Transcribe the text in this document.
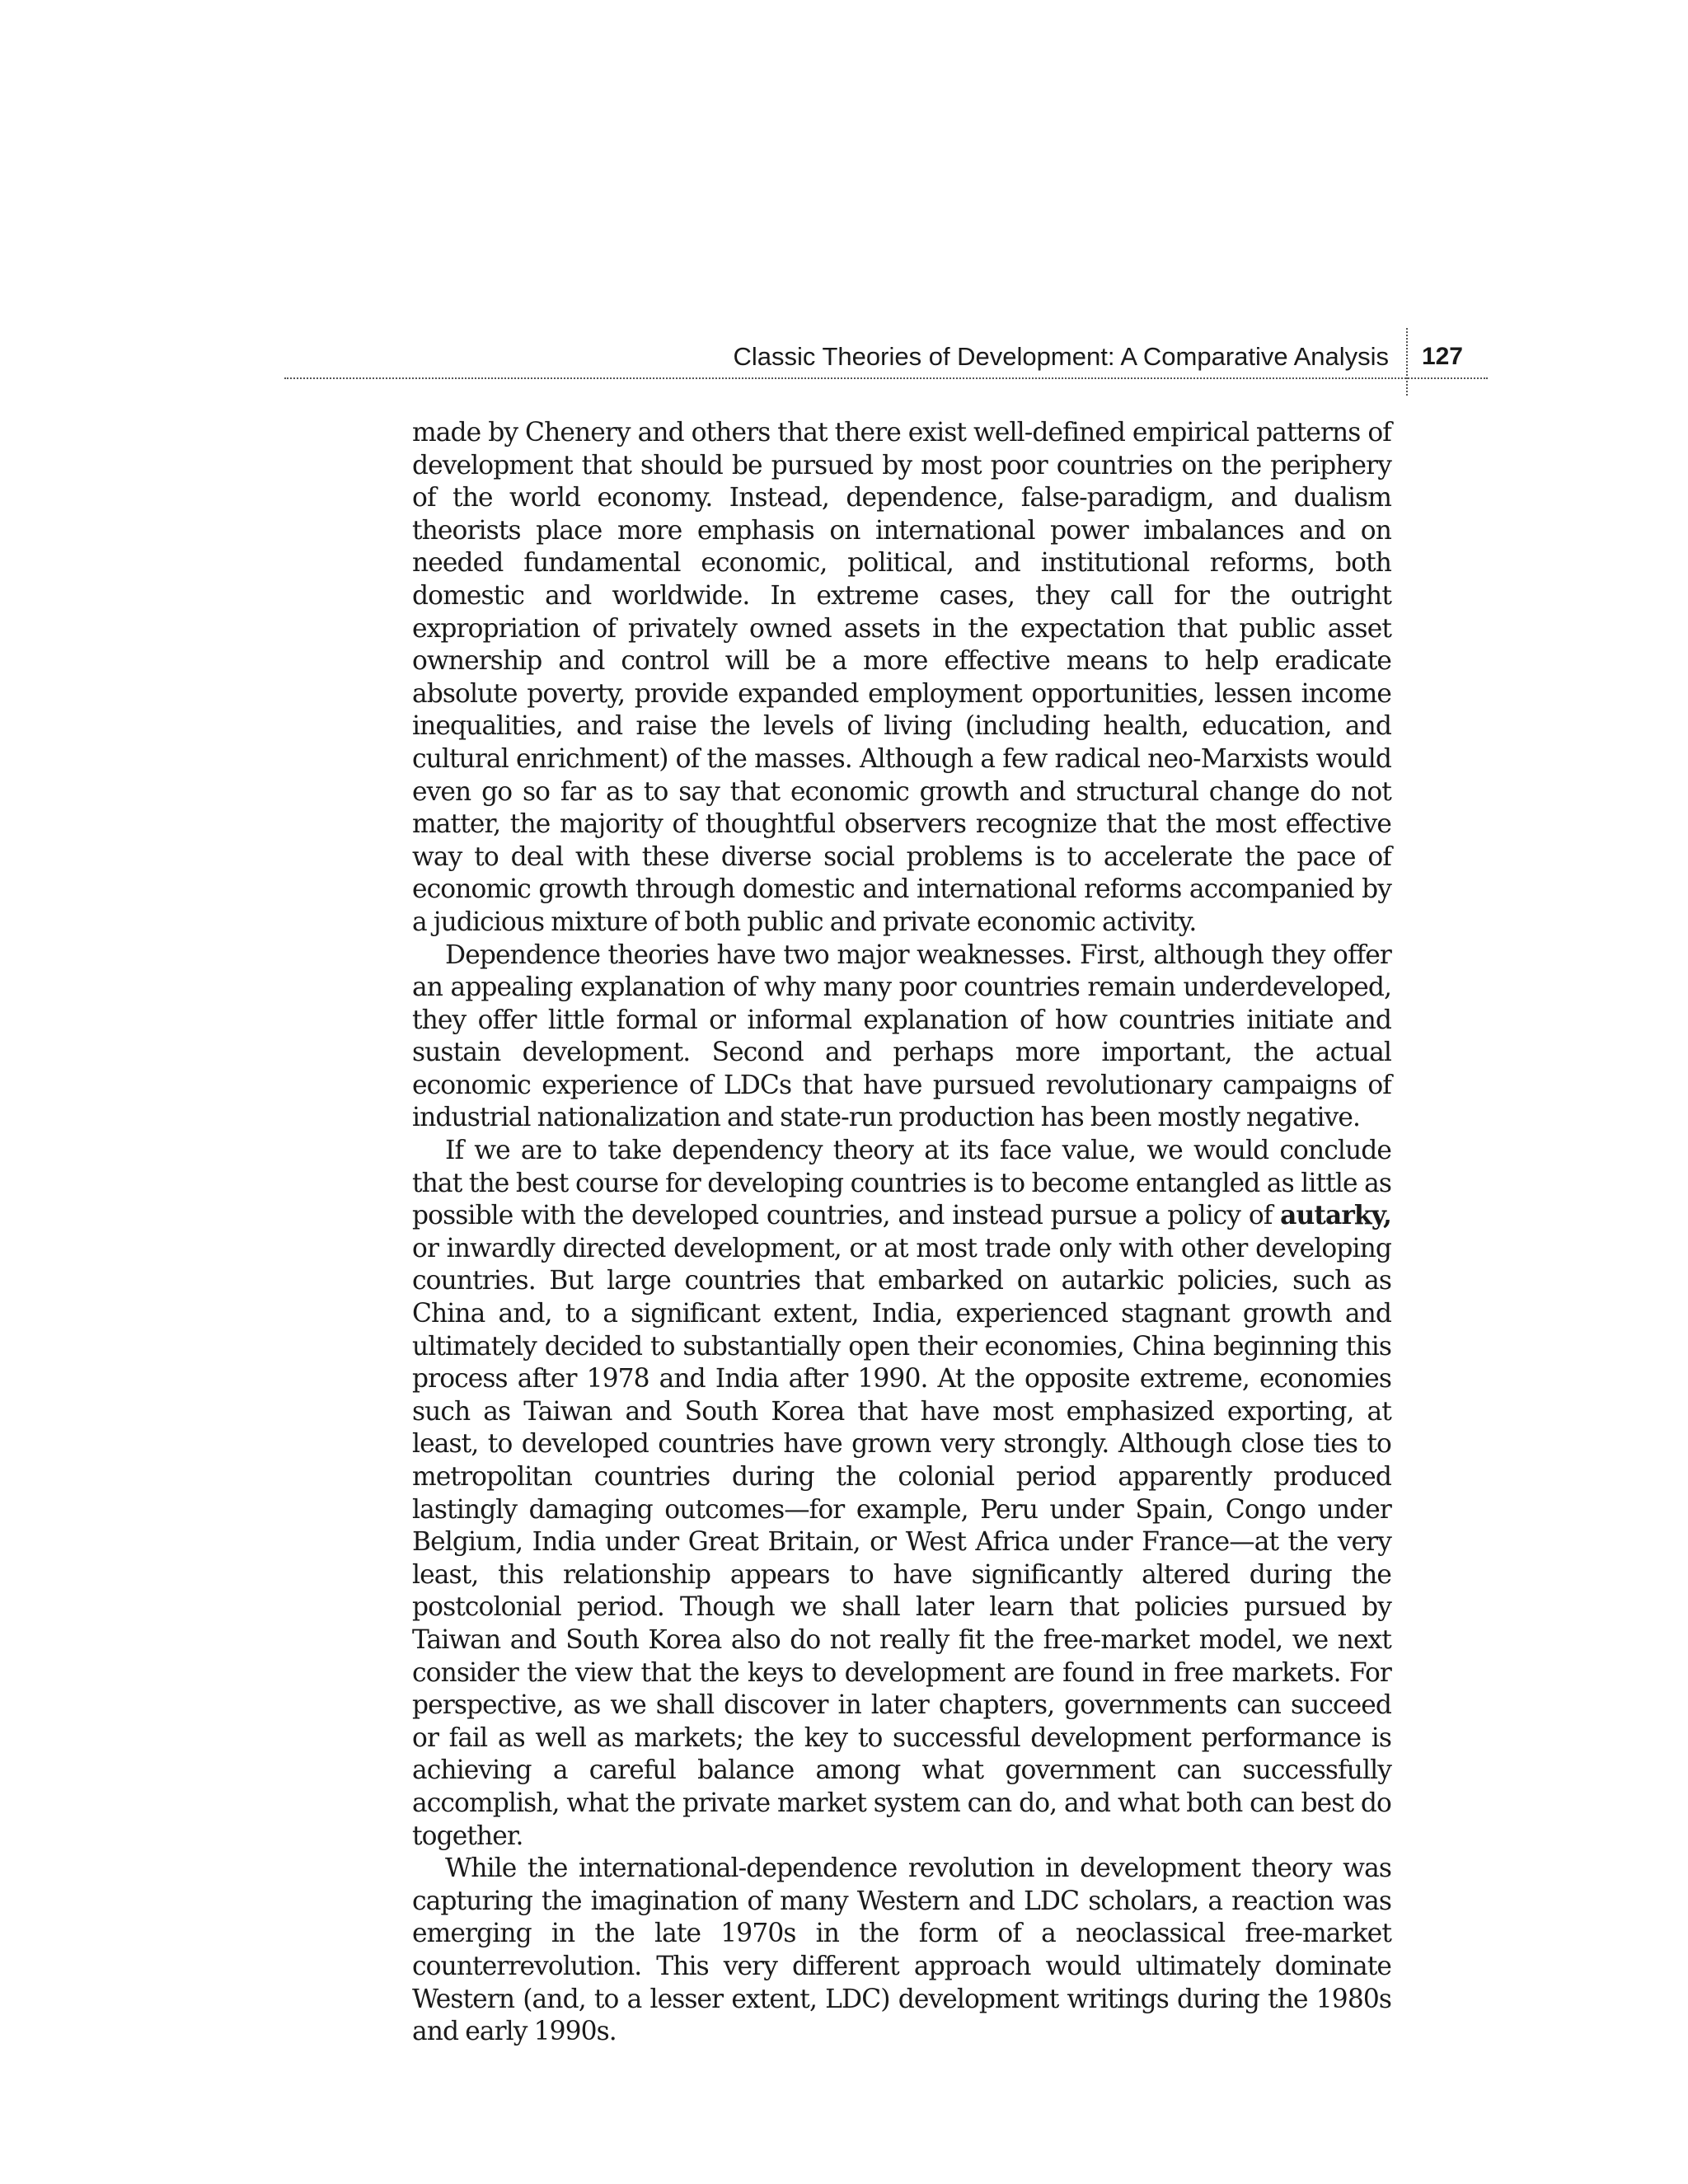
Classic Theories of Development: A Comparative Analysis 127

made by Chenery and others that there exist well-defined empirical patterns of development that should be pursued by most poor countries on the periphery of the world economy. Instead, dependence, false-paradigm, and dualism theorists place more emphasis on international power imbalances and on needed fundamental economic, political, and institutional reforms, both domestic and worldwide. In extreme cases, they call for the outright expropriation of privately owned assets in the expectation that public asset ownership and control will be a more effective means to help eradicate absolute poverty, provide expanded employment opportunities, lessen income inequalities, and raise the levels of living (including health, education, and cultural enrichment) of the masses. Although a few radical neo-Marxists would even go so far as to say that economic growth and structural change do not matter, the majority of thoughtful observers recognize that the most effective way to deal with these diverse social problems is to accelerate the pace of economic growth through domestic and international reforms accompanied by a judicious mixture of both public and private economic activity.

Dependence theories have two major weaknesses. First, although they offer an appealing explanation of why many poor countries remain underdeveloped, they offer little formal or informal explanation of how countries initiate and sustain development. Second and perhaps more important, the actual economic experience of LDCs that have pursued revolutionary campaigns of industrial nationalization and state-run production has been mostly negative.

If we are to take dependency theory at its face value, we would conclude that the best course for developing countries is to become entangled as little as possible with the developed countries, and instead pursue a policy of autarky, or inwardly directed development, or at most trade only with other developing countries. But large countries that embarked on autarkic policies, such as China and, to a significant extent, India, experienced stagnant growth and ultimately decided to substantially open their economies, China beginning this process after 1978 and India after 1990. At the opposite extreme, economies such as Taiwan and South Korea that have most emphasized exporting, at least, to developed countries have grown very strongly. Although close ties to metropolitan countries during the colonial period apparently produced lastingly damaging outcomes—for example, Peru under Spain, Congo under Belgium, India under Great Britain, or West Africa under France—at the very least, this relationship appears to have significantly altered during the postcolonial period. Though we shall later learn that policies pursued by Taiwan and South Korea also do not really fit the free-market model, we next consider the view that the keys to development are found in free markets. For perspective, as we shall discover in later chapters, governments can succeed or fail as well as markets; the key to successful development performance is achieving a careful balance among what government can successfully accomplish, what the private market system can do, and what both can best do together.

While the international-dependence revolution in development theory was capturing the imagination of many Western and LDC scholars, a reaction was emerging in the late 1970s in the form of a neoclassical free-market counterrevolution. This very different approach would ultimately dominate Western (and, to a lesser extent, LDC) development writings during the 1980s and early 1990s.
